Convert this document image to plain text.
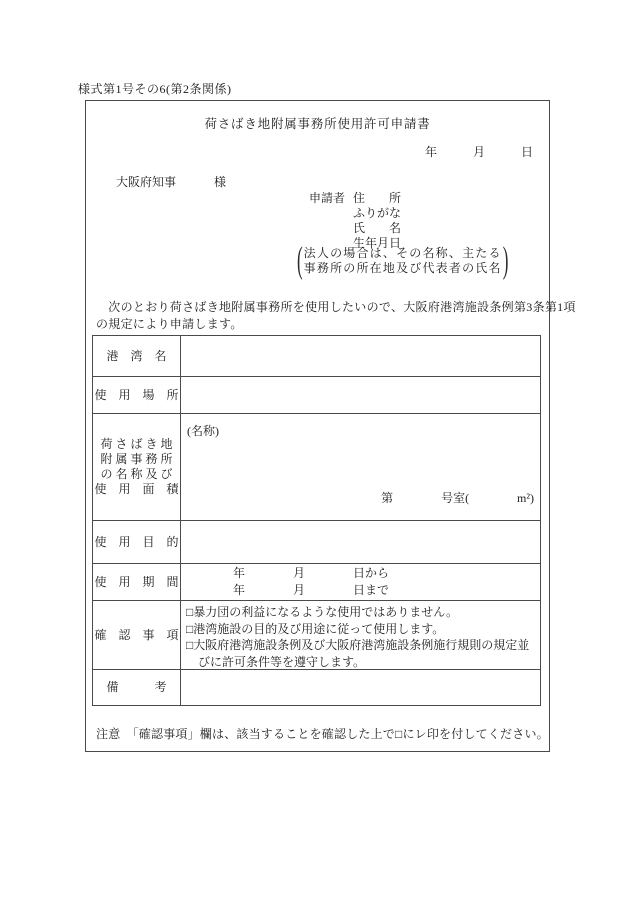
様式第1号その6(第2条関係)
荷さばき地附属事務所使用許可申請書
年　　　月　　　日

大阪府知事	様

申請者 住　　所
ふりがな
氏　　名
生年月日
( 法人の場合は、その名称、主たる
事務所の所在地及び代表者の氏名 )
　次のとおり荷さばき地附属事務所を使用したいので、大阪府港湾施設条例第3条第1項
の規定により申請します。
港　湾　名
使　用　場　所
荷 さ ば き 地
附 属 事 務 所
の 名 称 及 び
使　用　面　積
(名称)
第　　　　号室(　　　　m²)
使　用　目　的
使　用　期　間
年　　　　月　　　　日から
年　　　　月　　　　日まで
確　認　事　項
□暴力団の利益になるような使用ではありません。
□港湾施設の目的及び用途に従って使用します。
□大阪府港湾施設条例及び大阪府港湾施設条例施行規則の規定並
　びに許可条件等を遵守します。
備　　　考
注意　「確認事項」欄は、該当することを確認した上で□にレ印を付してください。
